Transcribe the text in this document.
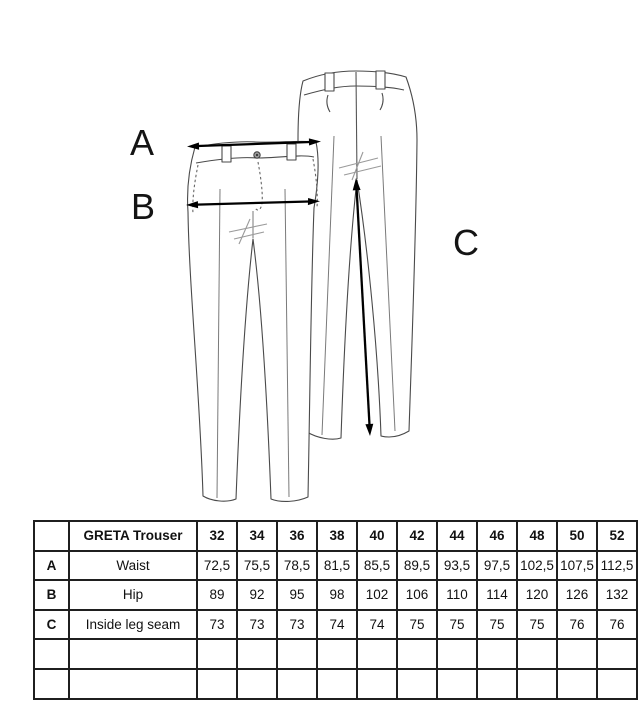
A
B
C
	GRETA Trouser	32	34	36	38	40	42	44	46	48	50	52
A	Waist	72,5	75,5	78,5	81,5	85,5	89,5	93,5	97,5	102,5	107,5	112,5
B	Hip	89	92	95	98	102	106	110	114	120	126	132
C	Inside leg seam	73	73	73	74	74	75	75	75	75	76	76
